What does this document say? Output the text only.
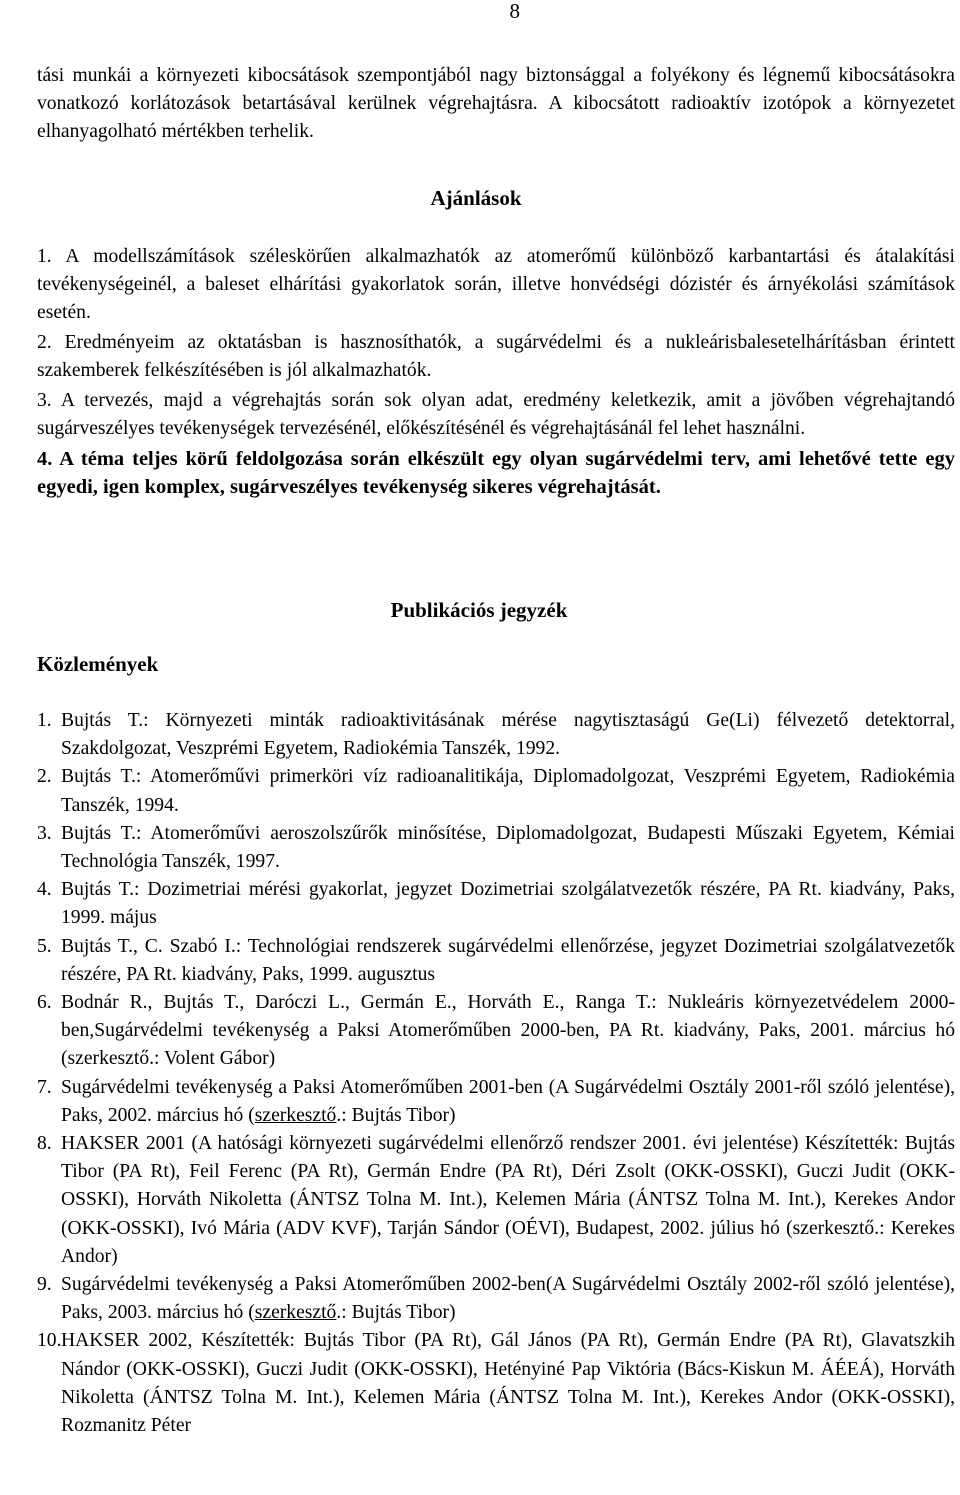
8
tási munkái a környezeti kibocsátások szempontjából nagy biztonsággal a folyékony és légnemű kibocsátásokra vonatkozó korlátozások betartásával kerülnek végrehajtásra. A kibocsátott radioaktív izotópok a környezetet elhanyagolható mértékben terhelik.
Ajánlások

1. A modellszámítások széleskörűen alkalmazhatók az atomerőmű különböző karbantartási és átalakítási tevékenységeinél, a baleset elhárítási gyakorlatok során, illetve honvédségi dózistér és árnyékolási számítások esetén.

2. Eredményeim az oktatásban is hasznosíthatók, a sugárvédelmi és a nukleárisbalesetelhárításban érintett szakemberek felkészítésében is jól alkalmazhatók.

3. A tervezés, majd a végrehajtás során sok olyan adat, eredmény keletkezik, amit a jövőben végrehajtandó sugárveszélyes tevékenységek tervezésénél, előkészítésénél és végrehajtásánál fel lehet használni.

4. A téma teljes körű feldolgozása során elkészült egy olyan sugárvédelmi terv, ami lehetővé tette egy egyedi, igen komplex, sugárveszélyes tevékenység sikeres végrehajtását.

Publikációs jegyzék
Közlemények
1. Bujtás T.: Környezeti minták radioaktivitásának mérése nagytisztaságú Ge(Li) félvezető detektorral, Szakdolgozat, Veszprémi Egyetem, Radiokémia Tanszék, 1992.
2. Bujtás T.: Atomerőművi primerköri víz radioanalitikája, Diplomadolgozat, Veszprémi Egyetem, Radiokémia Tanszék, 1994.
3. Bujtás T.: Atomerőművi aeroszolszűrők minősítése, Diplomadolgozat, Budapesti Műszaki Egyetem, Kémiai Technológia Tanszék, 1997.
4. Bujtás T.: Dozimetriai mérési gyakorlat, jegyzet Dozimetriai szolgálatvezetők részére, PA Rt. kiadvány, Paks, 1999. május
5. Bujtás T., C. Szabó I.: Technológiai rendszerek sugárvédelmi ellenőrzése, jegyzet Dozimetriai szolgálatvezetők részére, PA Rt. kiadvány, Paks, 1999. augusztus
6. Bodnár R., Bujtás T., Daróczi L., Germán E., Horváth E., Ranga T.: Nukleáris környezetvédelem 2000-ben,Sugárvédelmi tevékenység a Paksi Atomerőműben 2000-ben, PA Rt. kiadvány, Paks, 2001. március hó (szerkesztő.: Volent Gábor)
7. Sugárvédelmi tevékenység a Paksi Atomerőműben 2001-ben (A Sugárvédelmi Osztály 2001-ről szóló jelentése), Paks, 2002. március hó (szerkesztő.: Bujtás Tibor)
8. HAKSER 2001 (A hatósági környezeti sugárvédelmi ellenőrző rendszer 2001. évi jelentése) Készítették: Bujtás Tibor (PA Rt), Feil Ferenc (PA Rt), Germán Endre (PA Rt), Déri Zsolt (OKK-OSSKI), Guczi Judit (OKK-OSSKI), Horváth Nikoletta (ÁNTSZ Tolna M. Int.), Kelemen Mária (ÁNTSZ Tolna M. Int.), Kerekes Andor (OKK-OSSKI), Ivó Mária (ADV KVF), Tarján Sándor (OÉVI), Budapest, 2002. július hó (szerkesztő.: Kerekes Andor)
9. Sugárvédelmi tevékenység a Paksi Atomerőműben 2002-ben(A Sugárvédelmi Osztály 2002-ről szóló jelentése), Paks, 2003. március hó (szerkesztő.: Bujtás Tibor)
10. HAKSER 2002, Készítették: Bujtás Tibor (PA Rt), Gál János (PA Rt), Germán Endre (PA Rt), Glavatszkih Nándor (OKK-OSSKI), Guczi Judit (OKK-OSSKI), Hetényiné Pap Viktória (Bács-Kiskun M. ÁÉEÁ), Horváth Nikoletta (ÁNTSZ Tolna M. Int.), Kelemen Mária (ÁNTSZ Tolna M. Int.), Kerekes Andor (OKK-OSSKI), Rozmanitz Péter
